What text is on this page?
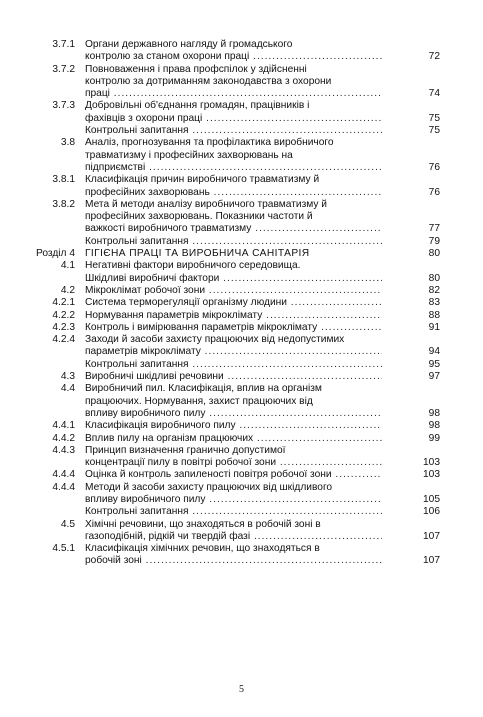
3.7.1 Органи державного нагляду й громадського
контролю за станом охорони праці .....	72
3.7.2 Повноваження і права профспілок у здійсненні
контролю за дотриманням законодавства з охорони
праці .....	74
3.7.3 Добровільні об'єднання громадян, працівників і
фахівців з охорони праці .....	75
Контрольні запитання .....	75
3.8 Аналіз, прогнозування та профілактика виробничого
травматизму і професійних захворювань на
підприємстві .....	76
3.8.1 Класифікація причин виробничого травматизму й
професійних захворювань .....	76
3.8.2 Мета й методи аналізу виробничого травматизму й
професійних захворювань. Показники частоти й
важкості виробничого травматизму .....	77
Контрольні запитання .....	79
Розділ 4 ГІГІЄНА ПРАЦІ ТА ВИРОБНИЧА САНІТАРІЯ	80
4.1 Негативні фактори виробничого середовища.
Шкідливі виробничі фактори .....	80
4.2 Мікроклімат робочої зони .....	82
4.2.1 Система терморегуляції організму людини .....	83
4.2.2 Нормування параметрів мікроклімату .....	88
4.2.3 Контроль і вимірювання параметрів мікроклімату .....	91
4.2.4 Заходи й засоби захисту працюючих від недопустимих
параметрів мікроклімату .....	94
Контрольні запитання .....	95
4.3 Виробничі шкідливі речовини .....	97
4.4 Виробничий пил. Класифікація, вплив на організм
працюючих. Нормування, захист працюючих від
впливу виробничого пилу .....	98
4.4.1 Класифікація виробничого пилу .....	98
4.4.2 Вплив пилу на організм працюючих .....	99
4.4.3 Принцип визначення гранично допустимої
концентрації пилу в повітрі робочої зони .....	103
4.4.4 Оцінка й контроль запиленості повітря робочої зони .....	103
4.4.4 Методи й засоби захисту працюючих від шкідливого
впливу виробничого пилу .....	105
Контрольні запитання .....	106
4.5 Хімічні речовини, що знаходяться в робочій зоні в
газоподібній, рідкій чи твердій фазі .....	107
4.5.1 Класифікація хімічних речовин, що знаходяться в
робочій зоні .....	107
5
